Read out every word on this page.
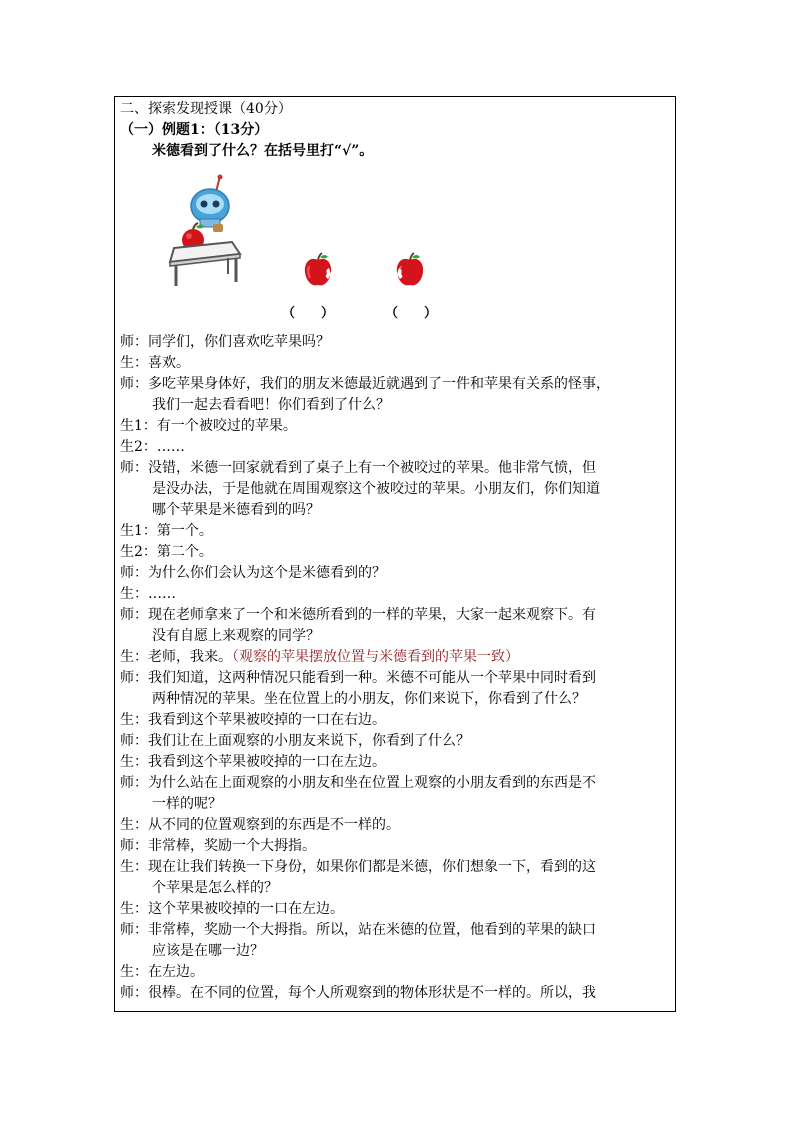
二、探索发现授课（40分）
（一）例题1：（13分）
米德看到了什么？在括号里打“√”。
（　　）	（　　）
师：同学们，你们喜欢吃苹果吗？
生：喜欢。
师：多吃苹果身体好，我们的朋友米德最近就遇到了一件和苹果有关系的怪事，
我们一起去看看吧！你们看到了什么？
生1：有一个被咬过的苹果。
生2：……
师：没错，米德一回家就看到了桌子上有一个被咬过的苹果。他非常气愤，但
是没办法，于是他就在周围观察这个被咬过的苹果。小朋友们，你们知道
哪个苹果是米德看到的吗？
生1：第一个。
生2：第二个。
师：为什么你们会认为这个是米德看到的？
生：……
师：现在老师拿来了一个和米德所看到的一样的苹果，大家一起来观察下。有
没有自愿上来观察的同学？
生：老师，我来。（观察的苹果摆放位置与米德看到的苹果一致）
师：我们知道，这两种情况只能看到一种。米德不可能从一个苹果中同时看到
两种情况的苹果。坐在位置上的小朋友，你们来说下，你看到了什么？
生：我看到这个苹果被咬掉的一口在右边。
师：我们让在上面观察的小朋友来说下，你看到了什么？
生：我看到这个苹果被咬掉的一口在左边。
师：为什么站在上面观察的小朋友和坐在位置上观察的小朋友看到的东西是不
一样的呢？
生：从不同的位置观察到的东西是不一样的。
师：非常棒，奖励一个大拇指。
生：现在让我们转换一下身份，如果你们都是米德，你们想象一下，看到的这
个苹果是怎么样的？
生：这个苹果被咬掉的一口在左边。
师：非常棒，奖励一个大拇指。所以，站在米德的位置，他看到的苹果的缺口
应该是在哪一边？
生：在左边。
师：很棒。在不同的位置，每个人所观察到的物体形状是不一样的。所以，我
